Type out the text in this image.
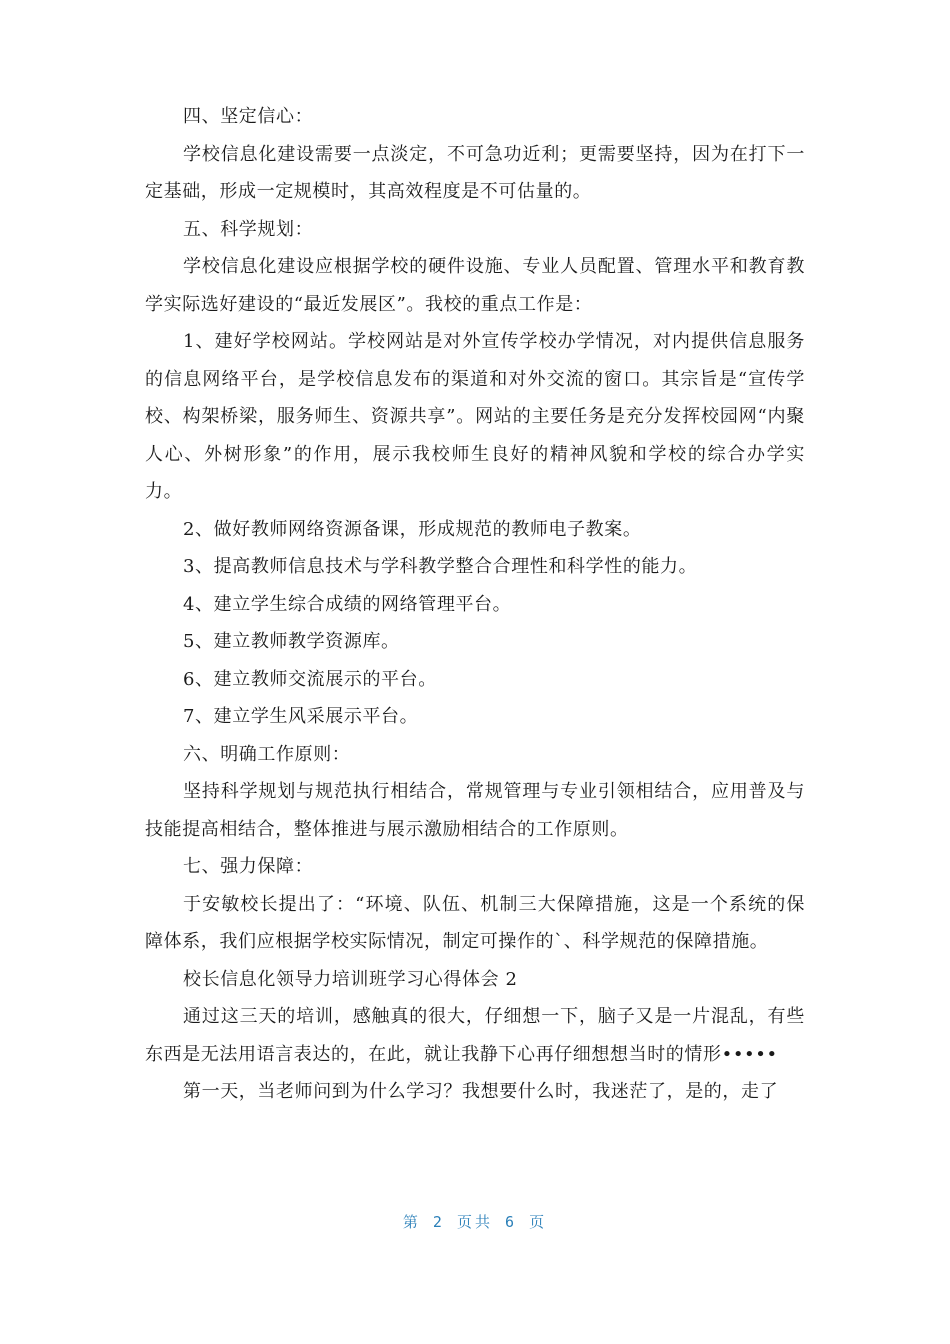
四、坚定信心：

学校信息化建设需要一点淡定，不可急功近利；更需要坚持，因为在打下一定基础，形成一定规模时，其高效程度是不可估量的。

五、科学规划：

学校信息化建设应根据学校的硬件设施、专业人员配置、管理水平和教育教学实际选好建设的“最近发展区”。我校的重点工作是：

1、建好学校网站。学校网站是对外宣传学校办学情况，对内提供信息服务的信息网络平台，是学校信息发布的渠道和对外交流的窗口。其宗旨是“宣传学校、构架桥梁，服务师生、资源共享”。网站的主要任务是充分发挥校园网“内聚人心、外树形象”的作用，展示我校师生良好的精神风貌和学校的综合办学实力。

2、做好教师网络资源备课，形成规范的教师电子教案。

3、提高教师信息技术与学科教学整合合理性和科学性的能力。

4、建立学生综合成绩的网络管理平台。

5、建立教师教学资源库。

6、建立教师交流展示的平台。

7、建立学生风采展示平台。

六、明确工作原则：

坚持科学规划与规范执行相结合，常规管理与专业引领相结合，应用普及与技能提高相结合，整体推进与展示激励相结合的工作原则。

七、强力保障：

于安敏校长提出了：“环境、队伍、机制三大保障措施，这是一个系统的保障体系，我们应根据学校实际情况，制定可操作的`、科学规范的保障措施。

校长信息化领导力培训班学习心得体会 2

通过这三天的培训，感触真的很大，仔细想一下，脑子又是一片混乱，有些东西是无法用语言表达的，在此，就让我静下心再仔细想想当时的情形•••••

第一天，当老师问到为什么学习？我想要什么时，我迷茫了，是的，走了

第 2 页共 6 页
